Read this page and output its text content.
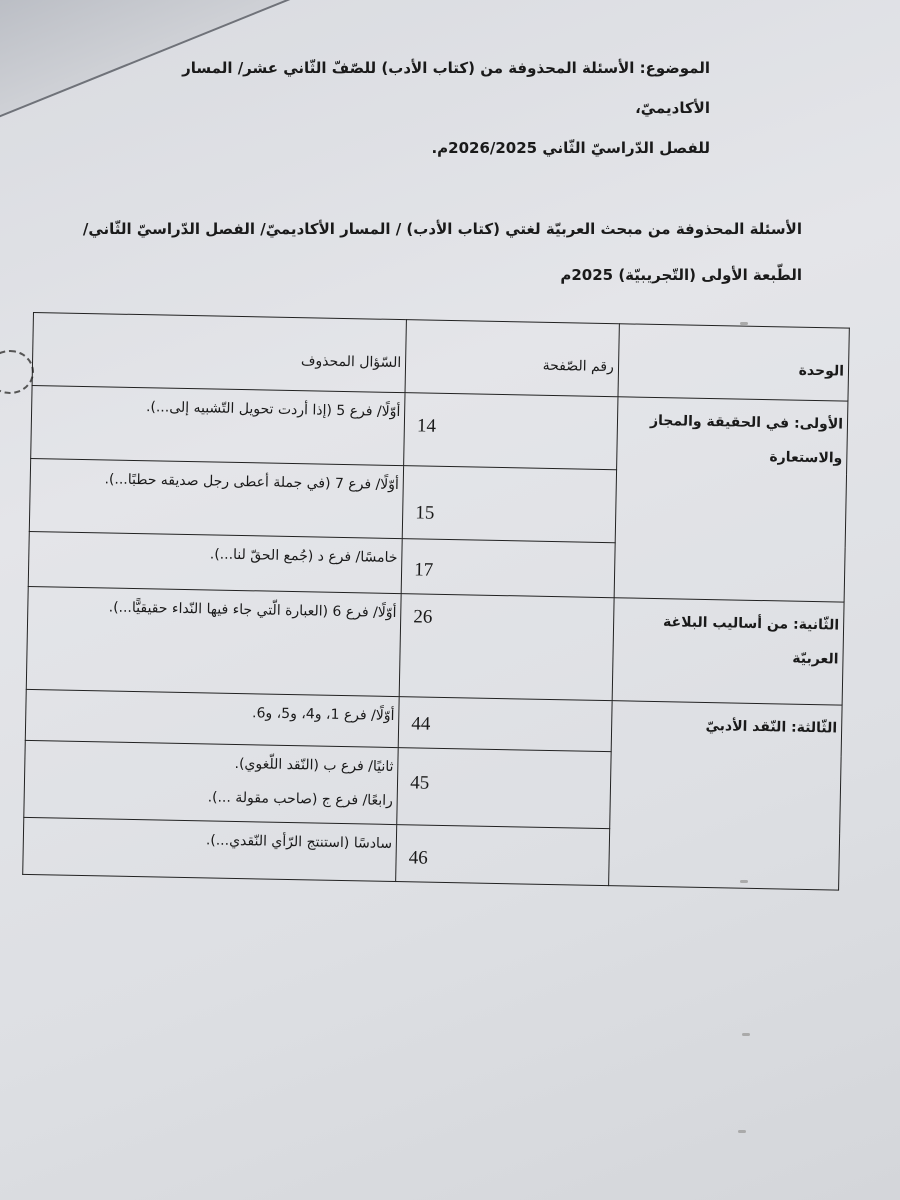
الموضوع: الأسئلة المحذوفة من (كتاب الأدب) للصّفّ الثّاني عشر/ المسار الأكاديميّ،
للفصل الدّراسيّ الثّاني 2026/2025م.
الأسئلة المحذوفة من مبحث العربيّة لغتي (كتاب الأدب) / المسار الأكاديميّ/ الفصل الدّراسيّ الثّاني/
الطّبعة الأولى (التّجريبيّة) 2025م
الوحدة	رقم الصّفحة	السّؤال المحذوف
الأولى: في الحقيقة والمجاز والاستعارة	14	أوّلًا/ فرع 5 (إذا أردت تحويل التّشبيه إلى...).
	15	أوّلًا/ فرع 7 (في جملة أعطى رجل صديقه حطبًا...).
	17	خامسًا/ فرع د (جُمع الحقّ لنا...).
الثّانية: من أساليب البلاغة العربيّة	26	أوّلًا/ فرع 6 (العبارة الّتي جاء فيها النّداء حقيقيًّا...).
الثّالثة: النّقد الأدبيّ	44	أوّلًا/ فرع 1، و4، و5، و6.
	45	ثانيًا/ فرع ب (النّقد اللّغوي).
رابعًا/ فرع ج (صاحب مقولة ...).

	46	سادسًا (استنتج الرّأي النّقدي...).
